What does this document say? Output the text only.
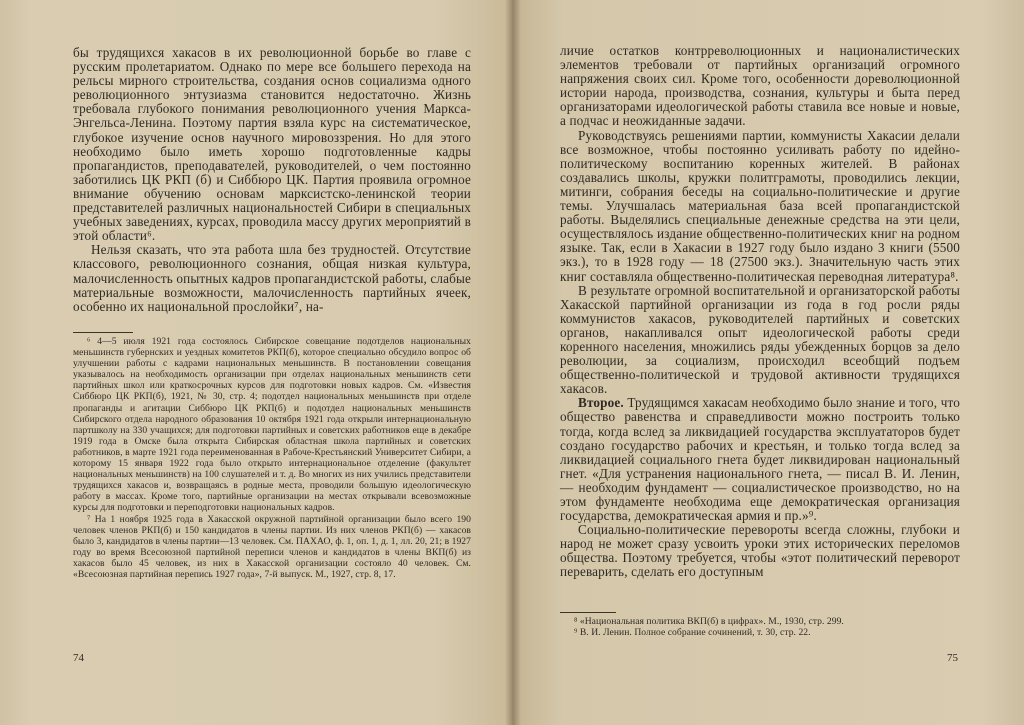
бы трудящихся хакасов в их революционной борьбе во главе с русским пролетариатом. Однако по мере все большего перехода на рельсы мирного строительства, создания основ социализма одного революционного энтузиазма становится недостаточно. Жизнь требовала глубокого понимания революционного учения Маркса-Энгельса-Ленина. Поэтому партия взяла курс на систематическое, глубокое изучение основ научного мировоззрения. Но для этого необходимо было иметь хорошо подготовленные кадры пропагандистов, преподавателей, руководителей, о чем постоянно заботились ЦК РКП (б) и Сиббюро ЦК. Партия проявила огромное внимание обучению основам марксистско-ленинской теории представителей различных национальностей Сибири в специальных учебных заведениях, курсах, проводила массу других мероприятий в этой области⁶.

Нельзя сказать, что эта работа шла без трудностей. Отсутствие классового, революционного сознания, общая низкая культура, малочисленность опытных кадров пропагандистской работы, слабые материальные возможности, малочисленность партийных ячеек, особенно их национальной прослойки⁷, на-

⁶ 4—5 июля 1921 года состоялось Сибирское совещание подотделов национальных меньшинств губернских и уездных комитетов РКП(б), которое специально обсудило вопрос об улучшении работы с кадрами национальных меньшинств. В постановлении совещания указывалось на необходимость организации при отделах национальных меньшинств сети партийных школ или краткосрочных курсов для подготовки новых кадров. См. «Известия Сиббюро ЦК РКП(б), 1921, № 30, стр. 4; подотдел национальных меньшинств при отделе пропаганды и агитации Сиббюро ЦК РКП(б) и подотдел национальных меньшинств Сибирского отдела народного образования 10 октября 1921 года открыли интернациональную партшколу на 330 учащихся; для подготовки партийных и советских работников еще в декабре 1919 года в Омске была открыта Сибирская областная школа партийных и советских работников, в марте 1921 года переименованная в Рабоче-Крестьянский Университет Сибири, а которому 15 января 1922 года было открыто интернациональное отделение (факультет национальных меньшинств) на 100 слушателей и т. д. Во многих из них учились представители трудящихся хакасов и, возвращаясь в родные места, проводили большую идеологическую работу в массах. Кроме того, партийные организации на местах открывали всевозможные курсы для подготовки и переподготовки национальных кадров.

⁷ На 1 ноября 1925 года в Хакасской окружной партийной организации было всего 190 человек членов РКП(б) и 150 кандидатов в члены партии. Из них членов РКП(б) — хакасов было 3, кандидатов в члены партии—13 человек. См. ПАХАО, ф. 1, оп. 1, д. 1, лл. 20, 21; в 1927 году во время Всесоюзной партийной переписи членов и кандидатов в члены ВКП(б) из хакасов было 45 человек, из них в Хакасской организации состояло 40 человек. См. «Всесоюзная партийная перепись 1927 года», 7-й выпуск. М., 1927, стр. 8, 17.

74

личие остатков контрреволюционных и националистических элементов требовали от партийных организаций огромного напряжения своих сил. Кроме того, особенности дореволюционной истории народа, производства, сознания, культуры и быта перед организаторами идеологической работы ставила все новые и новые, а подчас и неожиданные задачи.

Руководствуясь решениями партии, коммунисты Хакасии делали все возможное, чтобы постоянно усиливать работу по идейно-политическому воспитанию коренных жителей. В районах создавались школы, кружки политграмоты, проводились лекции, митинги, собрания беседы на социально-политические и другие темы. Улучшалась материальная база всей пропагандистской работы. Выделялись специальные денежные средства на эти цели, осуществлялось издание общественно-политических книг на родном языке. Так, если в Хакасии в 1927 году было издано 3 книги (5500 экз.), то в 1928 году — 18 (27500 экз.). Значительную часть этих книг составляла общественно-политическая переводная литература⁸.

В результате огромной воспитательной и организаторской работы Хакасской партийной организации из года в год росли ряды коммунистов хакасов, руководителей партийных и советских органов, накапливался опыт идеологической работы среди коренного населения, множились ряды убежденных борцов за дело революции, за социализм, происходил всеобщий подъем общественно-политической и трудовой активности трудящихся хакасов.

Второе. Трудящимся хакасам необходимо было знание и того, что общество равенства и справедливости можно построить только тогда, когда вслед за ликвидацией государства эксплуататоров будет создано государство рабочих и крестьян, и только тогда вслед за ликвидацией социального гнета будет ликвидирован национальный гнет. «Для устранения национального гнета, — писал В. И. Ленин, — необходим фундамент — социалистическое производство, но на этом фундаменте необходима еще демократическая организация государства, демократическая армия и пр.»⁹.

Социально-политические перевороты всегда сложны, глубоки и народ не может сразу усвоить уроки этих исторических переломов общества. Поэтому требуется, чтобы «этот политический переворот переварить, сделать его доступным

⁸ «Национальная политика ВКП(б) в цифрах». М., 1930, стр. 299.

⁹ В. И. Ленин. Полное собрание сочинений, т. 30, стр. 22.

75
